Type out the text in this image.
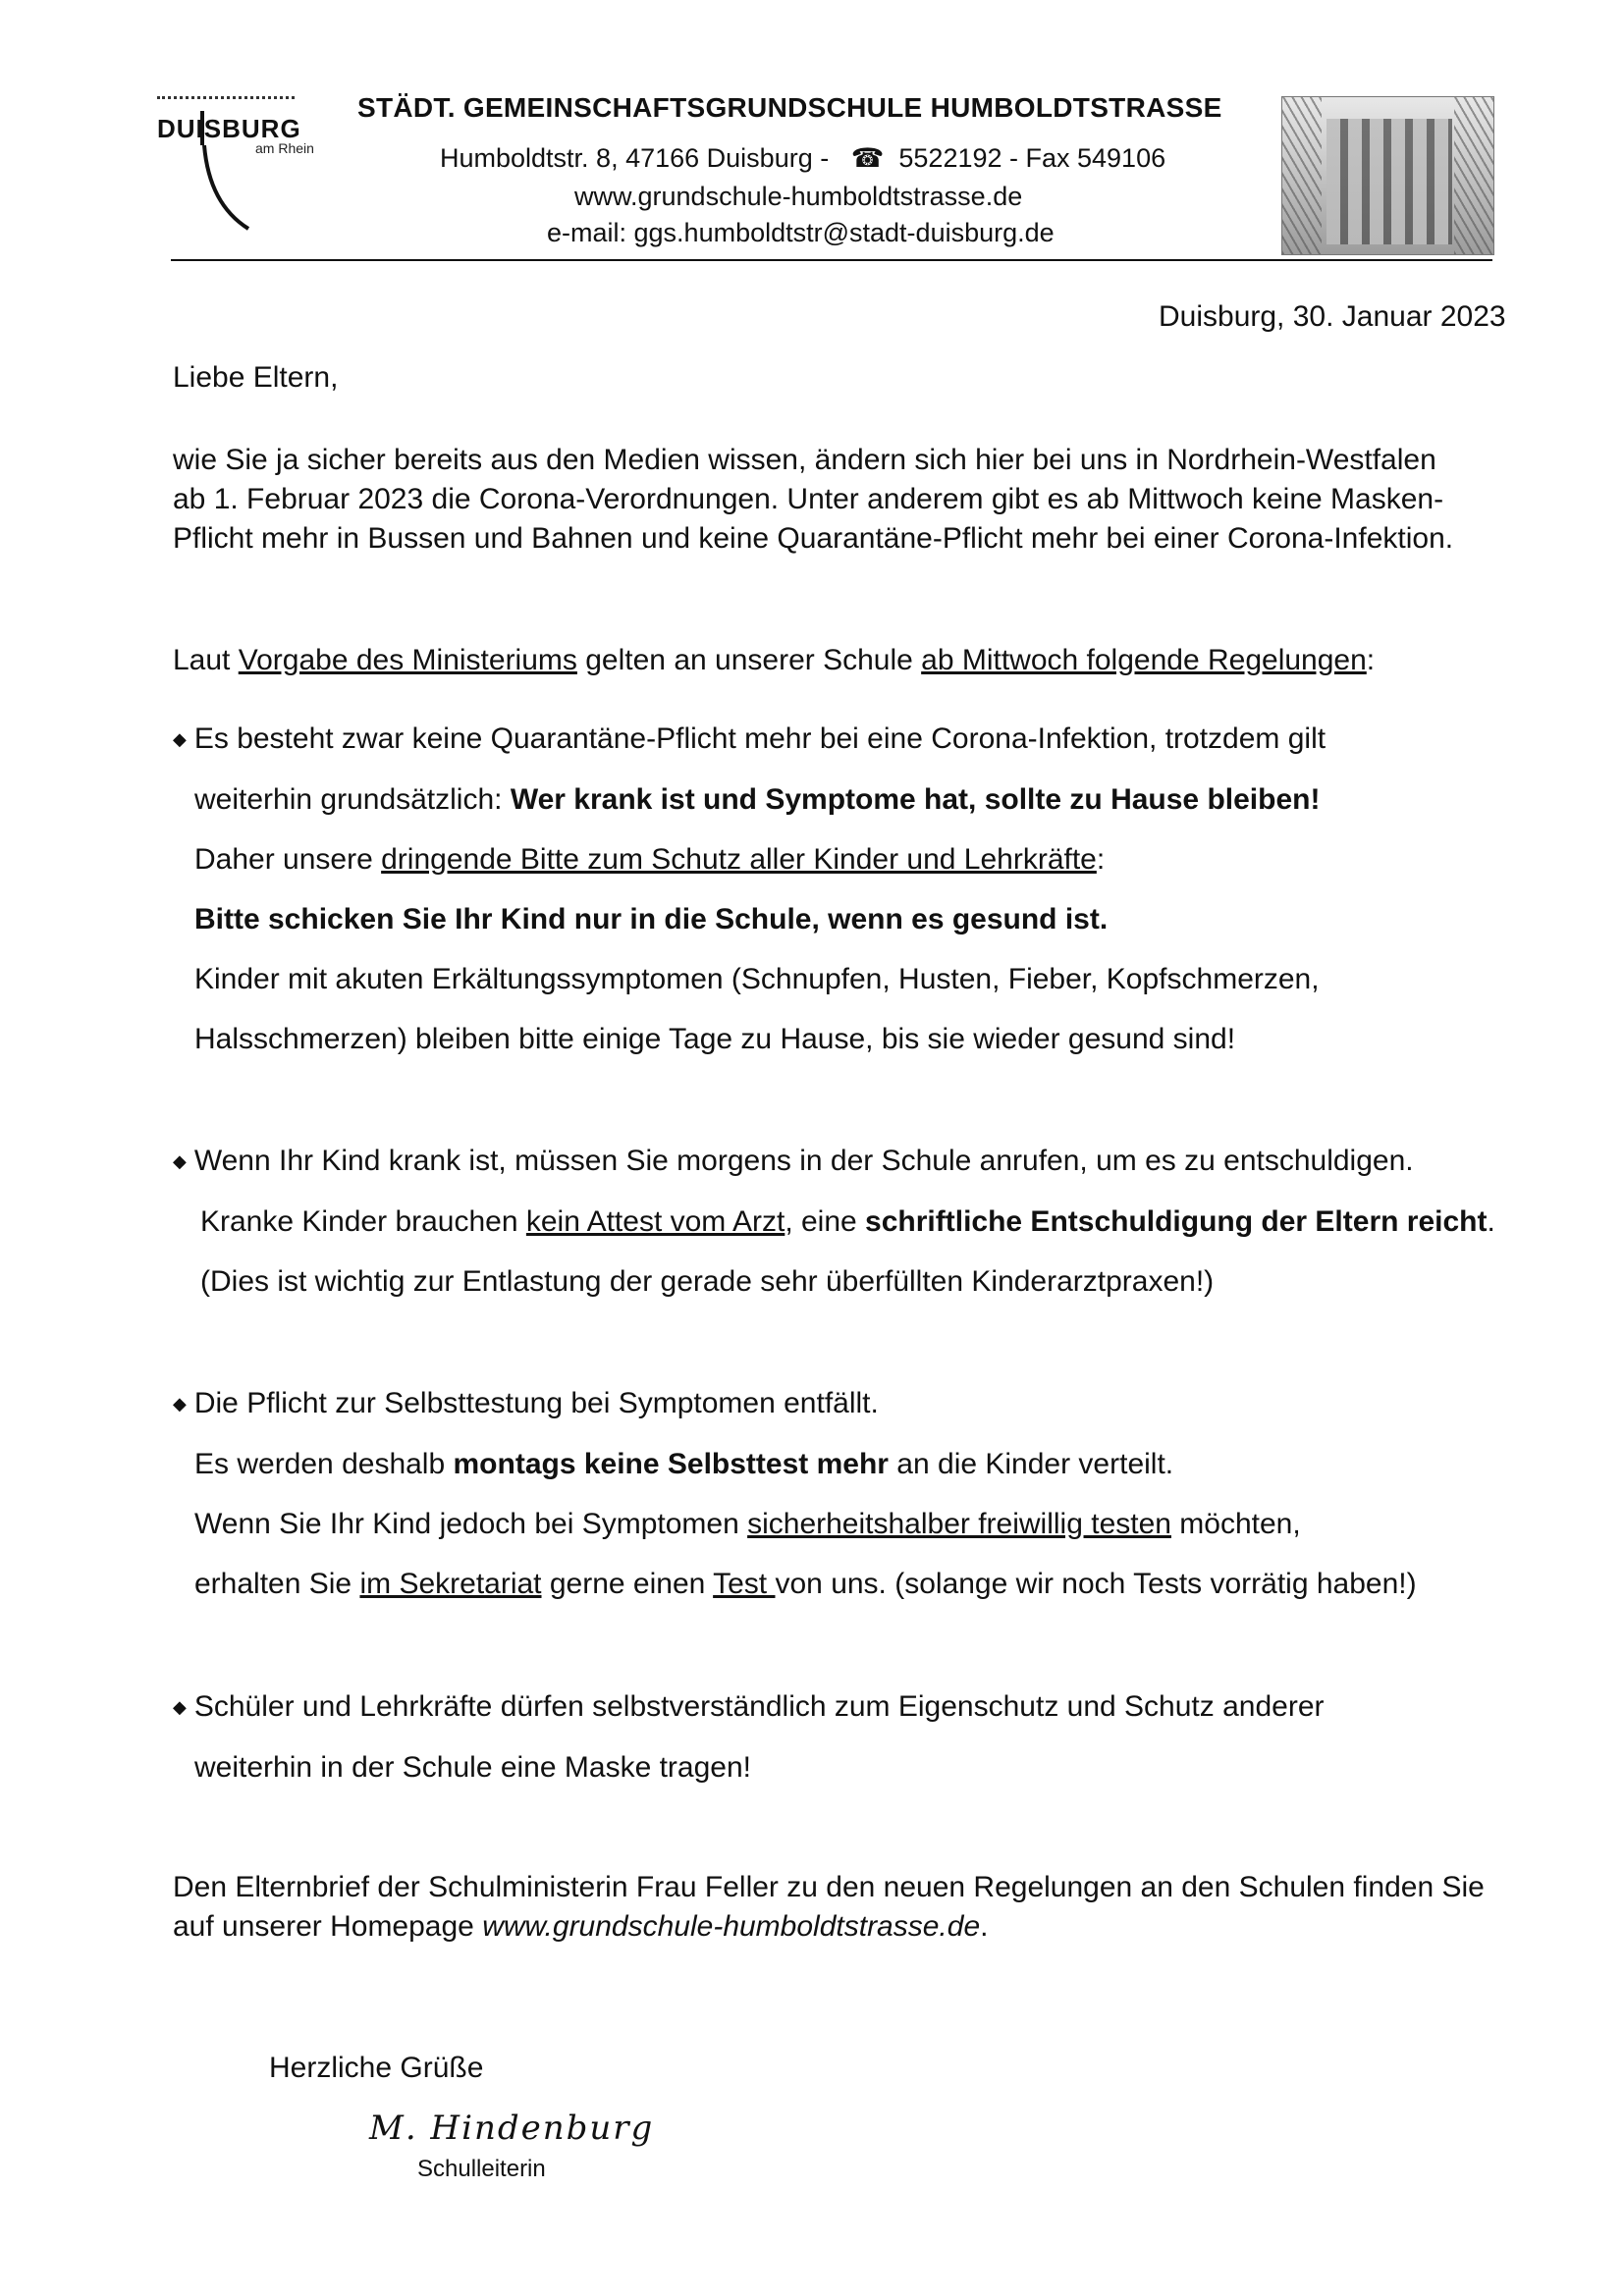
DUISBURG
am Rhein
STÄDT. GEMEINSCHAFTSGRUNDSCHULE HUMBOLDTSTRASSE
Humboldtstr. 8, 47166 Duisburg -   ☎  5522192 - Fax 549106
www.grundschule-humboldtstrasse.de
e-mail: ggs.humboldtstr@stadt-duisburg.de
Duisburg, 30. Januar 2023
Liebe Eltern,
wie Sie ja sicher bereits aus den Medien wissen, ändern sich hier bei uns in Nordrhein-Westfalen
ab 1. Februar 2023 die Corona-Verordnungen. Unter anderem gibt es ab Mittwoch keine Masken-
Pflicht mehr in Bussen und Bahnen und keine Quarantäne-Pflicht mehr bei einer Corona-Infektion.
Laut Vorgabe des Ministeriums gelten an unserer Schule ab Mittwoch folgende Regelungen:
◆ Es besteht zwar keine Quarantäne-Pflicht mehr bei eine Corona-Infektion, trotzdem gilt
weiterhin grundsätzlich: Wer krank ist und Symptome hat, sollte zu Hause bleiben!
Daher unsere dringende Bitte zum Schutz aller Kinder und Lehrkräfte:
Bitte schicken Sie Ihr Kind nur in die Schule, wenn es gesund ist.
Kinder mit akuten Erkältungssymptomen (Schnupfen, Husten, Fieber, Kopfschmerzen,
Halsschmerzen) bleiben bitte einige Tage zu Hause, bis sie wieder gesund sind!
◆ Wenn Ihr Kind krank ist, müssen Sie morgens in der Schule anrufen, um es zu entschuldigen.
Kranke Kinder brauchen kein Attest vom Arzt, eine schriftliche Entschuldigung der Eltern reicht.
(Dies ist wichtig zur Entlastung der gerade sehr überfüllten Kinderarztpraxen!)
◆ Die Pflicht zur Selbsttestung bei Symptomen entfällt.
Es werden deshalb montags keine Selbsttest mehr an die Kinder verteilt.
Wenn Sie Ihr Kind jedoch bei Symptomen sicherheitshalber freiwillig testen möchten,
erhalten Sie im Sekretariat gerne einen Test von uns. (solange wir noch Tests vorrätig haben!)
◆ Schüler und Lehrkräfte dürfen selbstverständlich zum Eigenschutz und Schutz anderer
weiterhin in der Schule eine Maske tragen!
Den Elternbrief der Schulministerin Frau Feller zu den neuen Regelungen an den Schulen finden Sie
auf unserer Homepage www.grundschule-humboldtstrasse.de.
Herzliche Grüße
M. Hindenburg
Schulleiterin
